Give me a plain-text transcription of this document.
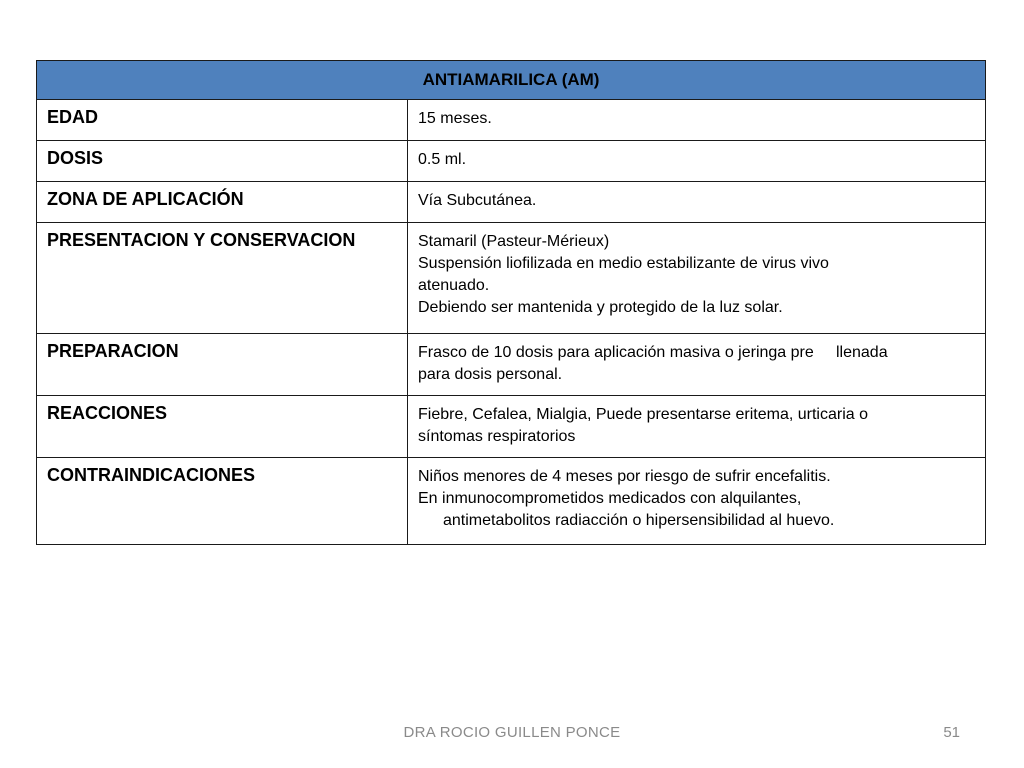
ANTIAMARILICA (AM)	
EDAD	15 meses.

DOSIS	0.5 ml.

ZONA DE APLICACIÓN	Vía Subcutánea.

PRESENTACION Y CONSERVACION	Stamaril (Pasteur-Mérieux)
Suspensión liofilizada en medio estabilizante de virus vivo
atenuado.
Debiendo ser mantenida y protegido de la luz solar.

PREPARACION	Frasco de 10 dosis para aplicación masiva o jeringa pre     llenada
para dosis personal.

REACCIONES	Fiebre, Cefalea, Mialgia, Puede presentarse eritema, urticaria o
síntomas respiratorios

CONTRAINDICACIONES	Niños menores de 4 meses por riesgo de sufrir encefalitis.
En inmunocomprometidos medicados con alquilantes,
antimetabolitos radiacción o hipersensibilidad al huevo.
DRA ROCIO GUILLEN PONCE	51
